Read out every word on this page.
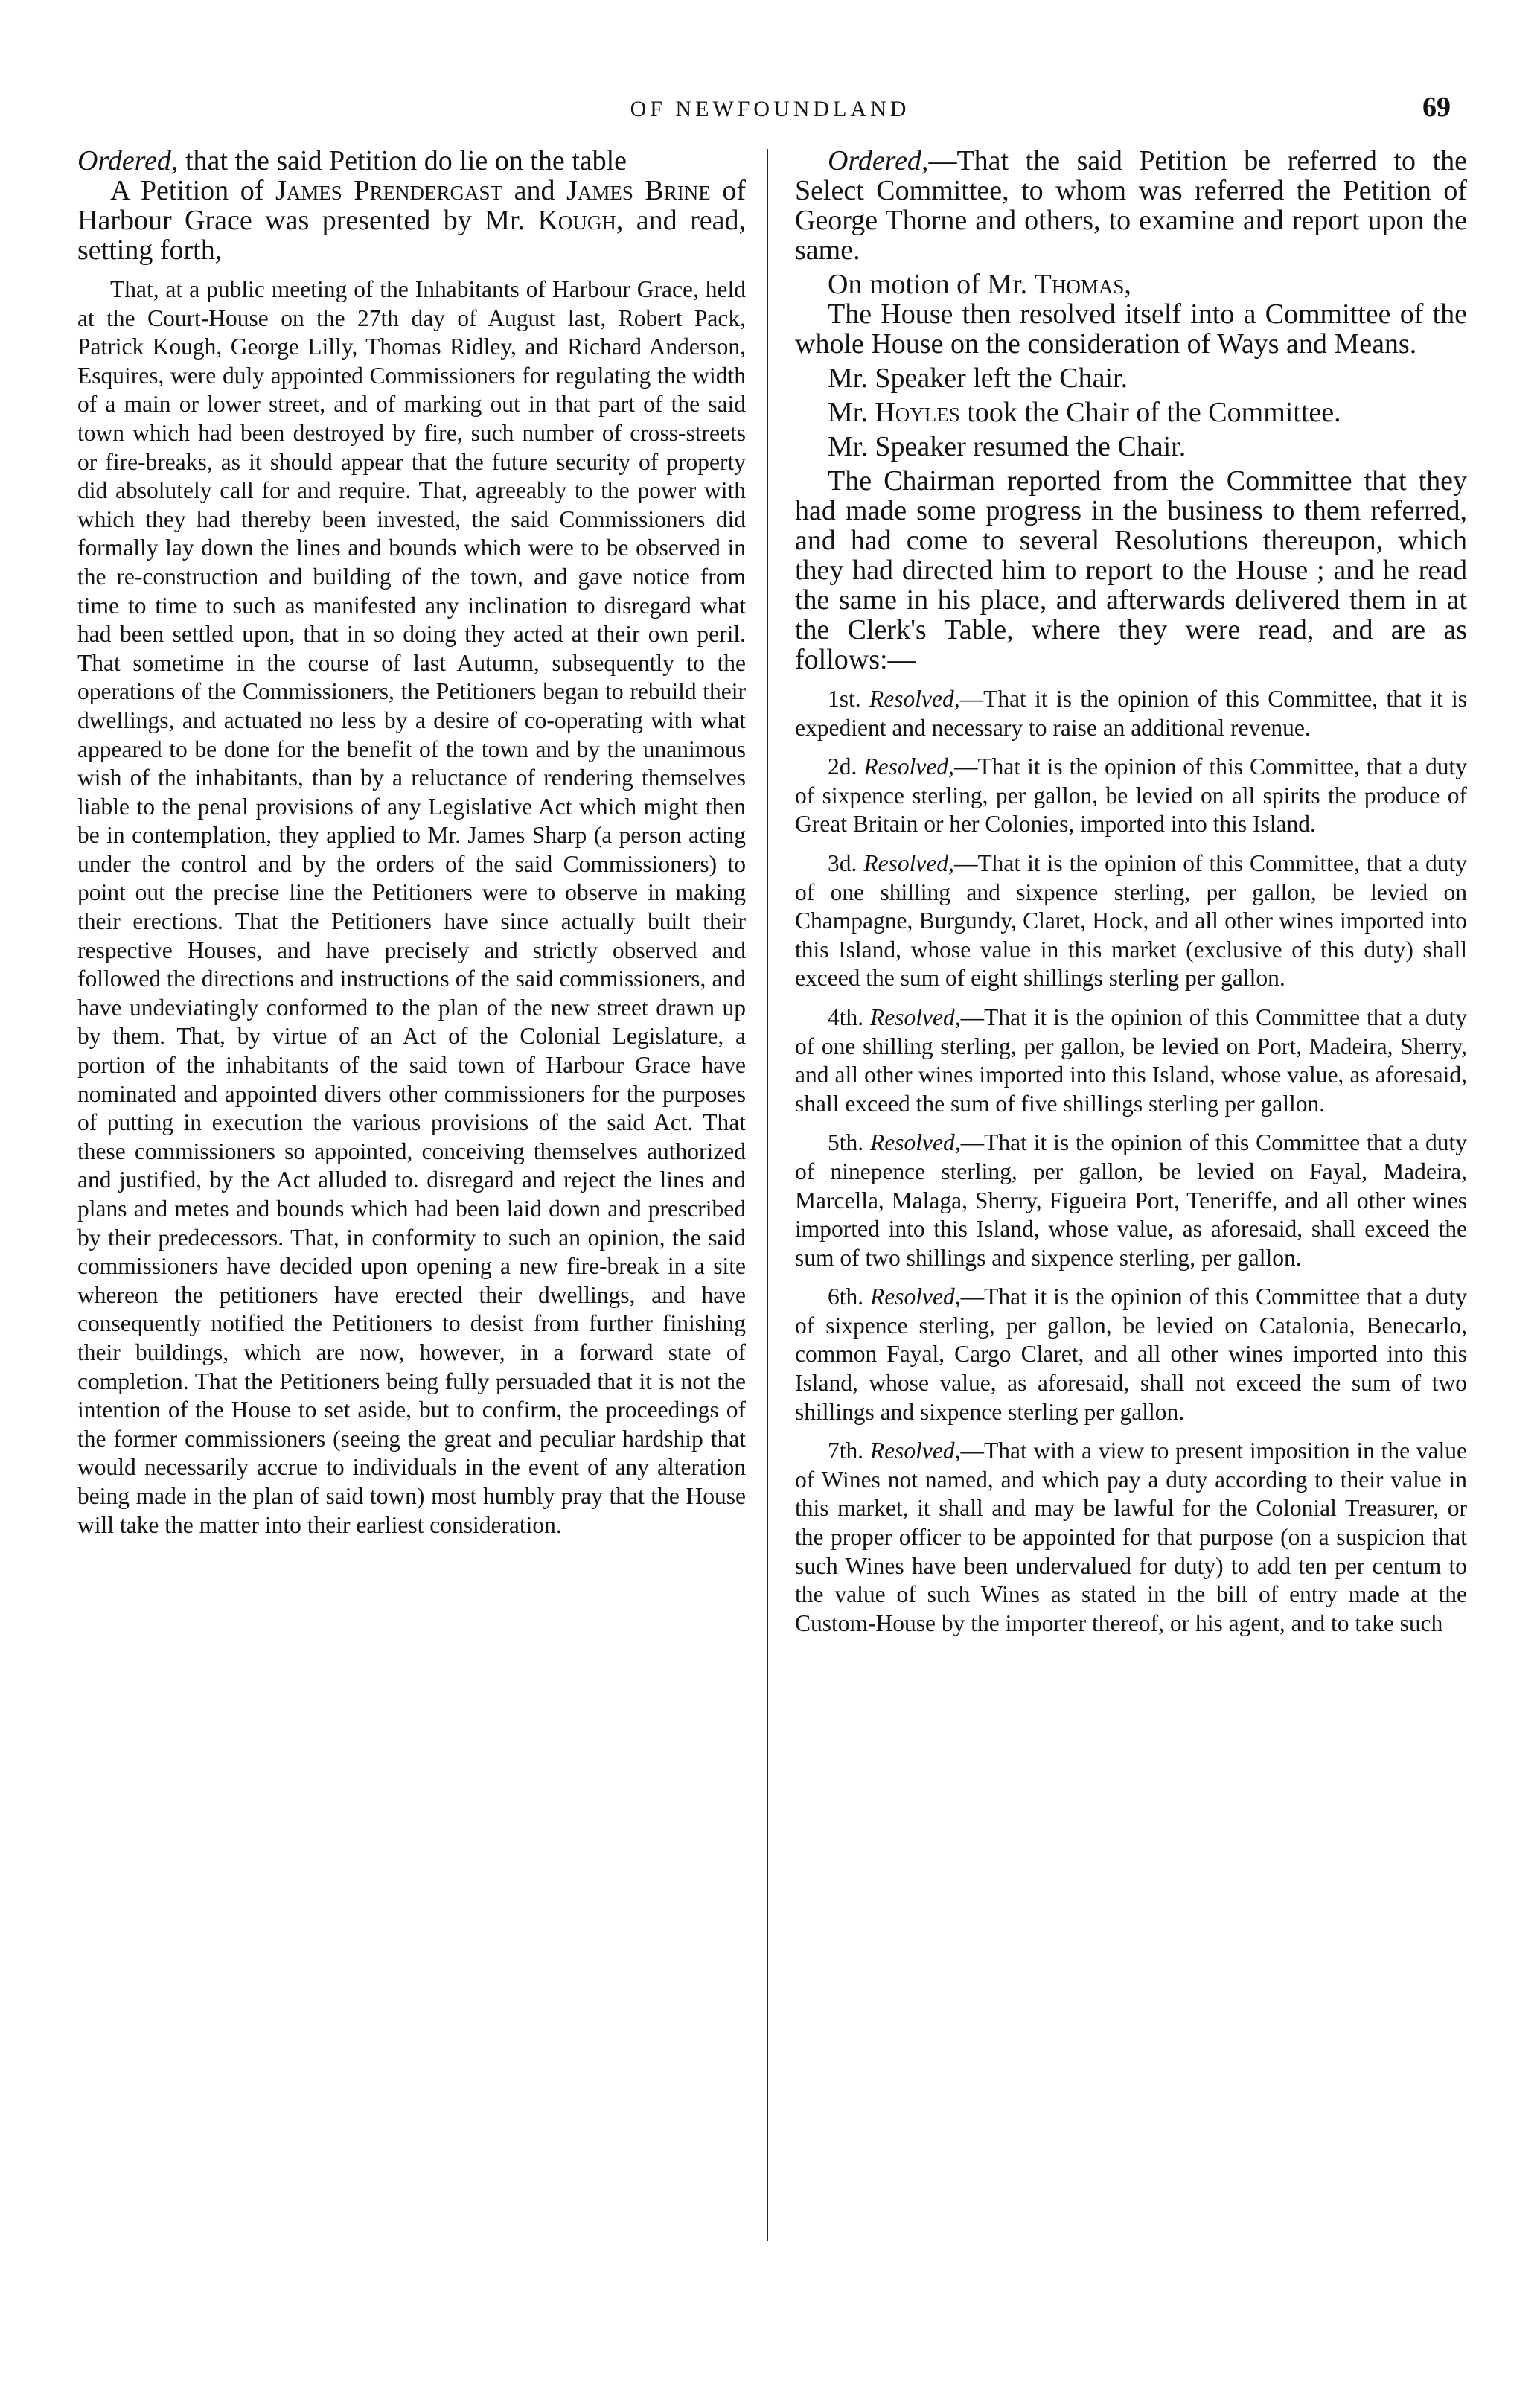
OF NEWFOUNDLAND	69

Ordered, that the said Petition do lie on the table

A Petition of James Prendergast and James Brine of Harbour Grace was presented by Mr. Kough, and read, setting forth,

That, at a public meeting of the Inhabitants of Harbour Grace, held at the Court-House on the 27th day of August last, Robert Pack, Patrick Kough, George Lilly, Thomas Ridley, and Richard Anderson, Esquires, were duly appointed Commissioners for regulating the width of a main or lower street, and of marking out in that part of the said town which had been destroyed by fire, such number of cross-streets or fire-breaks, as it should appear that the future security of property did absolutely call for and require. That, agreeably to the power with which they had thereby been invested, the said Commissioners did formally lay down the lines and bounds which were to be observed in the re-construction and building of the town, and gave notice from time to time to such as manifested any inclination to disregard what had been settled upon, that in so doing they acted at their own peril. That sometime in the course of last Autumn, subsequently to the operations of the Commissioners, the Petitioners began to rebuild their dwellings, and actuated no less by a desire of co-operating with what appeared to be done for the benefit of the town and by the unanimous wish of the inhabitants, than by a reluctance of rendering themselves liable to the penal provisions of any Legislative Act which might then be in contemplation, they applied to Mr. James Sharp (a person acting under the control and by the orders of the said Commissioners) to point out the precise line the Petitioners were to observe in making their erections. That the Petitioners have since actually built their respective Houses, and have precisely and strictly observed and followed the directions and instructions of the said commissioners, and have undeviatingly conformed to the plan of the new street drawn up by them. That, by virtue of an Act of the Colonial Legislature, a portion of the inhabitants of the said town of Harbour Grace have nominated and appointed divers other commissioners for the purposes of putting in execution the various provisions of the said Act. That these commissioners so appointed, conceiving themselves authorized and justified, by the Act alluded to. disregard and reject the lines and plans and metes and bounds which had been laid down and prescribed by their predecessors. That, in conformity to such an opinion, the said commissioners have decided upon opening a new fire-break in a site whereon the petitioners have erected their dwellings, and have consequently notified the Petitioners to desist from further finishing their buildings, which are now, however, in a forward state of completion. That the Petitioners being fully persuaded that it is not the intention of the House to set aside, but to confirm, the proceedings of the former commissioners (seeing the great and peculiar hardship that would necessarily accrue to individuals in the event of any alteration being made in the plan of said town) most humbly pray that the House will take the matter into their earliest consideration.

Ordered,—That the said Petition be referred to the Select Committee, to whom was referred the Petition of George Thorne and others, to examine and report upon the same.

On motion of Mr. Thomas,

The House then resolved itself into a Committee of the whole House on the consideration of Ways and Means.

Mr. Speaker left the Chair.

Mr. Hoyles took the Chair of the Committee.

Mr. Speaker resumed the Chair.

The Chairman reported from the Committee that they had made some progress in the business to them referred, and had come to several Resolutions thereupon, which they had directed him to report to the House ; and he read the same in his place, and afterwards delivered them in at the Clerk's Table, where they were read, and are as follows:—

1st. Resolved,—That it is the opinion of this Committee, that it is expedient and necessary to raise an additional revenue.

2d. Resolved,—That it is the opinion of this Committee, that a duty of sixpence sterling, per gallon, be levied on all spirits the produce of Great Britain or her Colonies, imported into this Island.

3d. Resolved,—That it is the opinion of this Committee, that a duty of one shilling and sixpence sterling, per gallon, be levied on Champagne, Burgundy, Claret, Hock, and all other wines imported into this Island, whose value in this market (exclusive of this duty) shall exceed the sum of eight shillings sterling per gallon.

4th. Resolved,—That it is the opinion of this Committee that a duty of one shilling sterling, per gallon, be levied on Port, Madeira, Sherry, and all other wines imported into this Island, whose value, as aforesaid, shall exceed the sum of five shillings sterling per gallon.

5th. Resolved,—That it is the opinion of this Committee that a duty of ninepence sterling, per gallon, be levied on Fayal, Madeira, Marcella, Malaga, Sherry, Figueira Port, Teneriffe, and all other wines imported into this Island, whose value, as aforesaid, shall exceed the sum of two shillings and sixpence sterling, per gallon.

6th. Resolved,—That it is the opinion of this Committee that a duty of sixpence sterling, per gallon, be levied on Catalonia, Benecarlo, common Fayal, Cargo Claret, and all other wines imported into this Island, whose value, as aforesaid, shall not exceed the sum of two shillings and sixpence sterling per gallon.

7th. Resolved,—That with a view to present imposition in the value of Wines not named, and which pay a duty according to their value in this market, it shall and may be lawful for the Colonial Treasurer, or the proper officer to be appointed for that purpose (on a suspicion that such Wines have been undervalued for duty) to add ten per centum to the value of such Wines as stated in the bill of entry made at the Custom-House by the importer thereof, or his agent, and to take such
